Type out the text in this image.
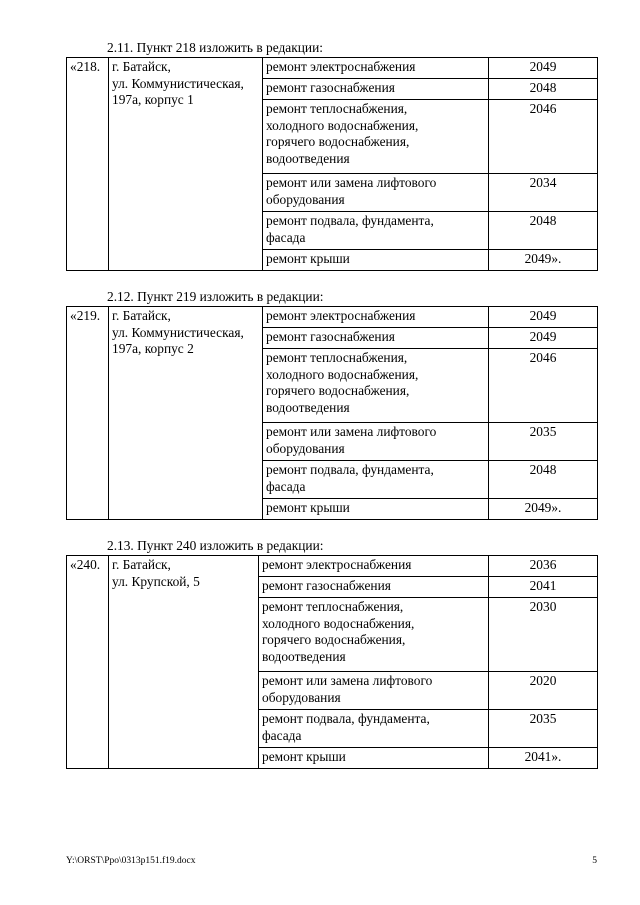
2.11. Пункт 218 изложить в редакции:
«218.	г. Батайск,
ул. Коммунистическая,
197а, корпус 1	ремонт электроснабжения	2049

		ремонт газоснабжения	2048

		ремонт теплоснабжения,
холодного водоснабжения,
горячего водоснабжения,
водоотведения	2046

		ремонт или замена лифтового
оборудования	2034

		ремонт подвала, фундамента,
фасада	2048

		ремонт крыши	2049».
2.12. Пункт 219 изложить в редакции:
«219.	г. Батайск,
ул. Коммунистическая,
197а, корпус 2	ремонт электроснабжения	2049

		ремонт газоснабжения	2049

		ремонт теплоснабжения,
холодного водоснабжения,
горячего водоснабжения,
водоотведения	2046

		ремонт или замена лифтового
оборудования	2035

		ремонт подвала, фундамента,
фасада	2048

		ремонт крыши	2049».
2.13. Пункт 240 изложить в редакции:
«240.	г. Батайск,
ул. Крупской, 5	ремонт электроснабжения	2036

		ремонт газоснабжения	2041

		ремонт теплоснабжения,
холодного водоснабжения,
горячего водоснабжения,
водоотведения	2030

		ремонт или замена лифтового
оборудования	2020

		ремонт подвала, фундамента,
фасада	2035

		ремонт крыши	2041».
Y:\ORST\Ppo\0313p151.f19.docx	5
